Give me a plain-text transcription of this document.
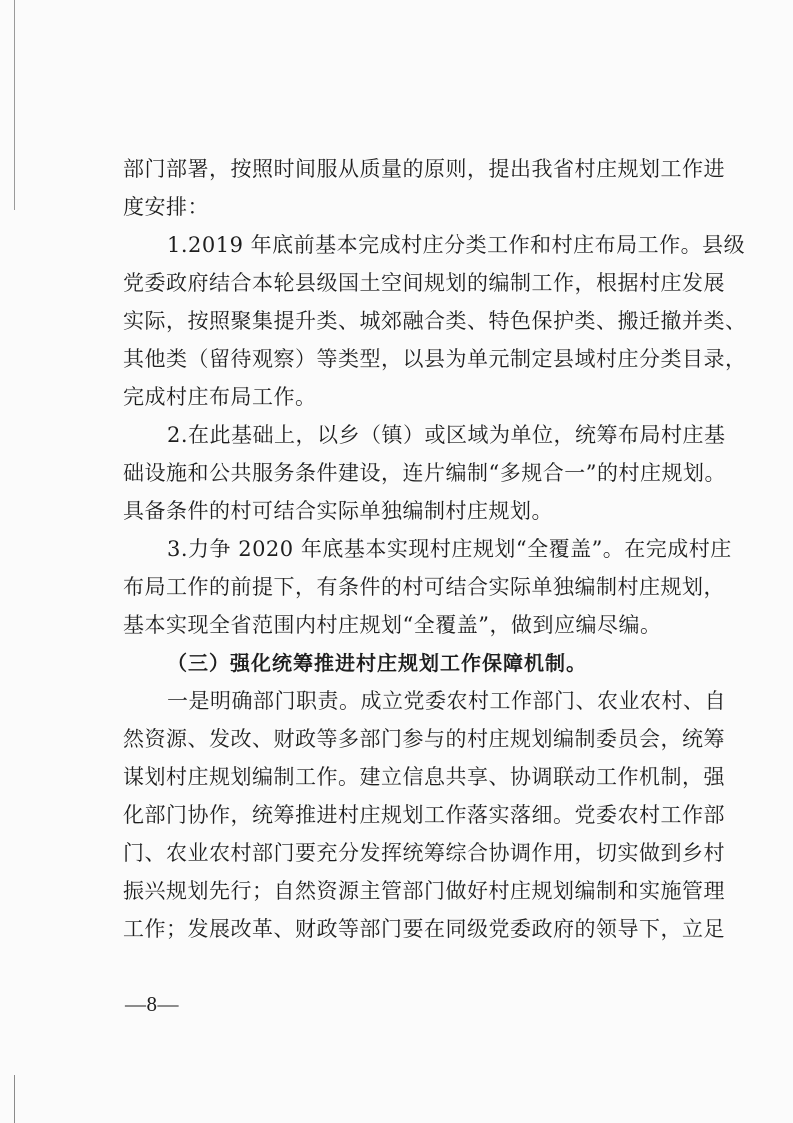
部门部署，按照时间服从质量的原则，提出我省村庄规划工作进
度安排：
1.2019 年底前基本完成村庄分类工作和村庄布局工作。县级
党委政府结合本轮县级国土空间规划的编制工作，根据村庄发展
实际，按照聚集提升类、城郊融合类、特色保护类、搬迁撤并类、
其他类（留待观察）等类型，以县为单元制定县域村庄分类目录，
完成村庄布局工作。
2.在此基础上，以乡（镇）或区域为单位，统筹布局村庄基
础设施和公共服务条件建设，连片编制“多规合一”的村庄规划。
具备条件的村可结合实际单独编制村庄规划。
3.力争 2020 年底基本实现村庄规划“全覆盖”。在完成村庄
布局工作的前提下，有条件的村可结合实际单独编制村庄规划，
基本实现全省范围内村庄规划“全覆盖”，做到应编尽编。
（三）强化统筹推进村庄规划工作保障机制。
一是明确部门职责。成立党委农村工作部门、农业农村、自
然资源、发改、财政等多部门参与的村庄规划编制委员会，统筹
谋划村庄规划编制工作。建立信息共享、协调联动工作机制，强
化部门协作，统筹推进村庄规划工作落实落细。党委农村工作部
门、农业农村部门要充分发挥统筹综合协调作用，切实做到乡村
振兴规划先行；自然资源主管部门做好村庄规划编制和实施管理
工作；发展改革、财政等部门要在同级党委政府的领导下，立足
—8—
